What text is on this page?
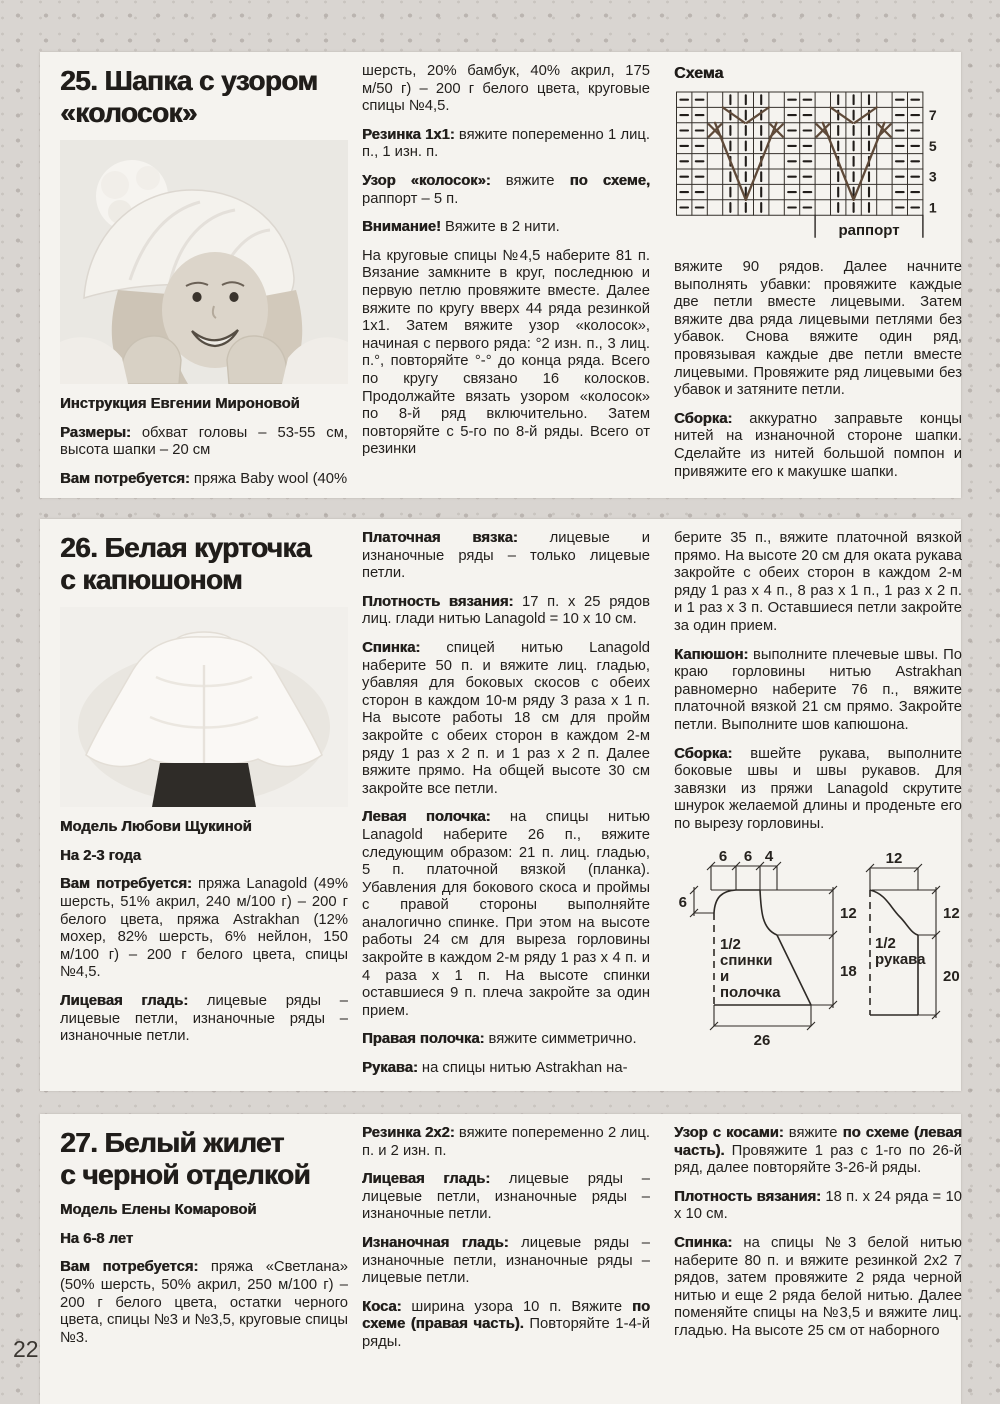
25. Шапка с узором
«колосок»

Инструкция Евгении Мироновой

Размеры: обхват головы – 53-55 см, высота шапки – 20 см

Вам потребуется: пряжа Baby wool (40%

шерсть, 20% бамбук, 40% акрил, 175 м/50 г) – 200 г белого цвета, круговые спицы №4,5.

Резинка 1х1: вяжите попеременно 1 лиц. п., 1 изн. п.

Узор «колосок»: вяжите по схеме, раппорт – 5 п.

Внимание! Вяжите в 2 нити.

На круговые спицы №4,5 наберите 81 п. Вязание замкните в круг, последнюю и первую петлю провяжите вместе. Далее вяжите по кругу вверх 44 ряда резинкой 1х1. Затем вяжите узор «колосок», начиная с первого ряда: °2 изн. п., 3 лиц. п.°, повторяйте °-° до конца ряда. Всего по кругу связано 16 колосков. Продолжайте вязать узором «колосок» по 8-й ряд включительно. Затем повторяйте с 5-го по 8-й ряды. Всего от резинки

Схема
7
5
3
1
раппорт

вяжите 90 рядов. Далее начните выполнять убавки: провяжите каждые две петли вместе лицевыми. Затем вяжите два ряда лицевыми петлями без убавок. Снова вяжите один ряд, провязывая каждые две петли вместе лицевыми. Провяжите ряд лицевыми без убавок и затяните петли.

Сборка: аккуратно заправьте концы нитей на изнаночной стороне шапки. Сделайте из нитей большой помпон и привяжите его к макушке шапки.

26. Белая курточка
с капюшоном

Модель Любови Щукиной

На 2-3 года

Вам потребуется: пряжа Lanagold (49% шерсть, 51% акрил, 240 м/100 г) – 200 г белого цвета, пряжа Astrakhan (12% мохер, 82% шерсть, 6% нейлон, 150 м/100 г) – 200 г белого цвета, спицы №4,5.

Лицевая гладь: лицевые ряды – лицевые петли, изнаночные ряды – изнаночные петли.

Платочная вязка: лицевые и изнаночные ряды – только лицевые петли.

Плотность вязания: 17 п. х 25 рядов лиц. глади нитью Lanagold = 10 х 10 см.

Спинка: спицей нитью Lanagold наберите 50 п. и вяжите лиц. гладью, убавляя для боковых скосов с обеих сторон в каждом 10-м ряду 3 раза х 1 п. На высоте работы 18 см для пройм закройте с обеих сторон в каждом 2-м ряду 1 раз х 2 п. и 1 раз х 2 п. Далее вяжите прямо. На общей высоте 30 см закройте все петли.

Левая полочка: на спицы нитью Lanagold наберите 26 п., вяжите следующим образом: 21 п. лиц. гладью, 5 п. платочной вязкой (планка). Убавления для бокового скоса и проймы с правой стороны выполняйте аналогично спинке. При этом на высоте работы 24 см для выреза горловины закройте в каждом 2-м ряду 1 раз х 4 п. и 4 раза х 1 п. На высоте спинки оставшиеся 9 п. плеча закройте за один прием.

Правая полочка: вяжите симметрично.

Рукава: на спицы нитью Astrakhan на-

берите 35 п., вяжите платочной вязкой прямо. На высоте 20 см для оката рукава закройте с обеих сторон в каждом 2-м ряду 1 раз х 4 п., 8 раз х 1 п., 1 раз х 2 п. и 1 раз х 3 п. Оставшиеся петли закройте за один прием.

Капюшон: выполните плечевые швы. По краю горловины нитью Astrakhan равномерно наберите 76 п., вяжите платочной вязкой 21 см прямо. Закройте петли. Выполните шов капюшона.

Сборка: вшейте рукава, выполните боковые швы и швы рукавов. Для завязки из пряжи Lanagold скрутите шнурок желаемой длины и проденьте его по вырезу горловины.

6 6 4
6
12
18
26
1/2
спинки
и
полочка
12
12
20
1/2
рукава
27. Белый жилет
с черной отделкой

Модель Елены Комаровой

На 6-8 лет

Вам потребуется: пряжа «Светлана» (50% шерсть, 50% акрил, 250 м/100 г) – 200 г белого цвета, остатки черного цвета, спицы №3 и №3,5, круговые спицы №3.

Резинка 2х2: вяжите попеременно 2 лиц. п. и 2 изн. п.

Лицевая гладь: лицевые ряды – лицевые петли, изнаночные ряды – изнаночные петли.

Изнаночная гладь: лицевые ряды – изнаночные петли, изнаночные ряды – лицевые петли.

Коса: ширина узора 10 п. Вяжите по схеме (правая часть). Повторяйте 1-4-й ряды.

Узор с косами: вяжите по схеме (левая часть). Провяжите 1 раз с 1-го по 26-й ряд, далее повторяйте 3-26-й ряды.

Плотность вязания: 18 п. х 24 ряда = 10 х 10 см.

Спинка: на спицы №3 белой нитью наберите 80 п. и вяжите резинкой 2х2 7 рядов, затем провяжите 2 ряда черной нитью и еще 2 ряда белой нитью. Далее поменяйте спицы на №3,5 и вяжите лиц. гладью. На высоте 25 см от наборного

22
